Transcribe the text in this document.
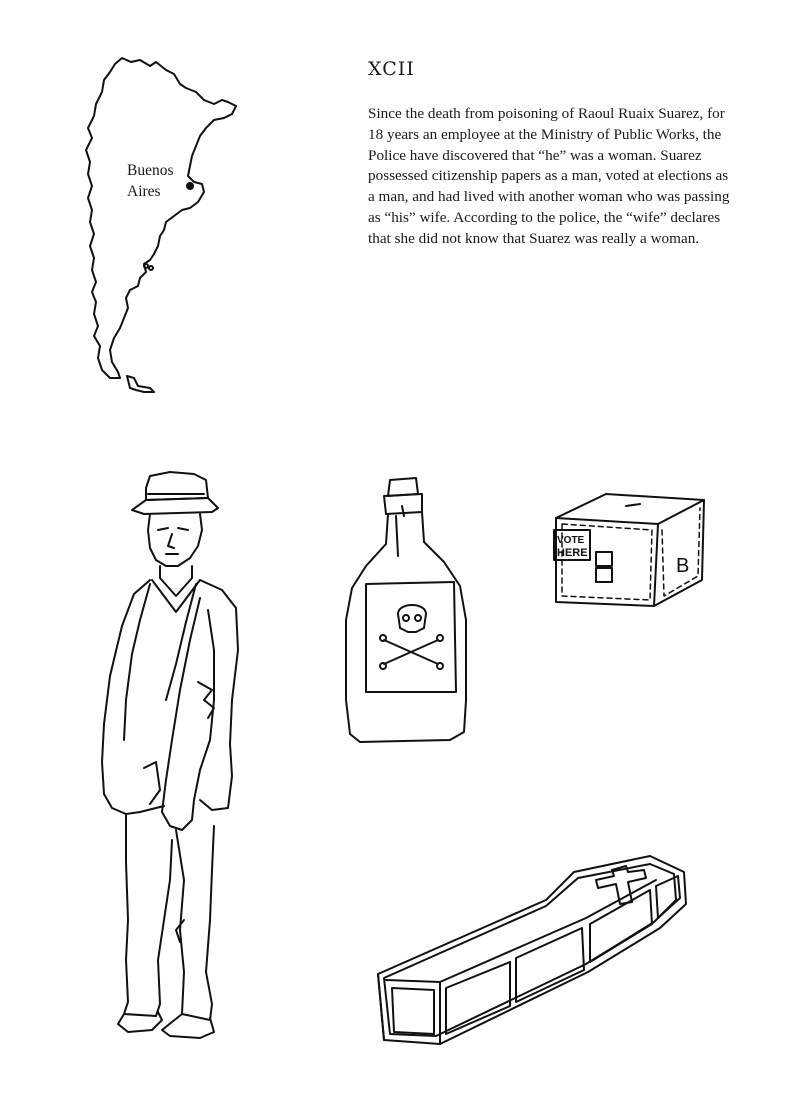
XCII

Since the death from poisoning of Raoul Ruaix Suarez, for 18 years an employee at the Ministry of Public Works, the Police have discovered that “he” was a woman. Suarez possessed citizenship papers as a man, voted at elections as a man, and had lived with another woman who was passing as “his” wife. According to the police, the “wife” declares that she did not know that Suarez was really a woman.

Buenos
Aires
VOTE
HERE
B
